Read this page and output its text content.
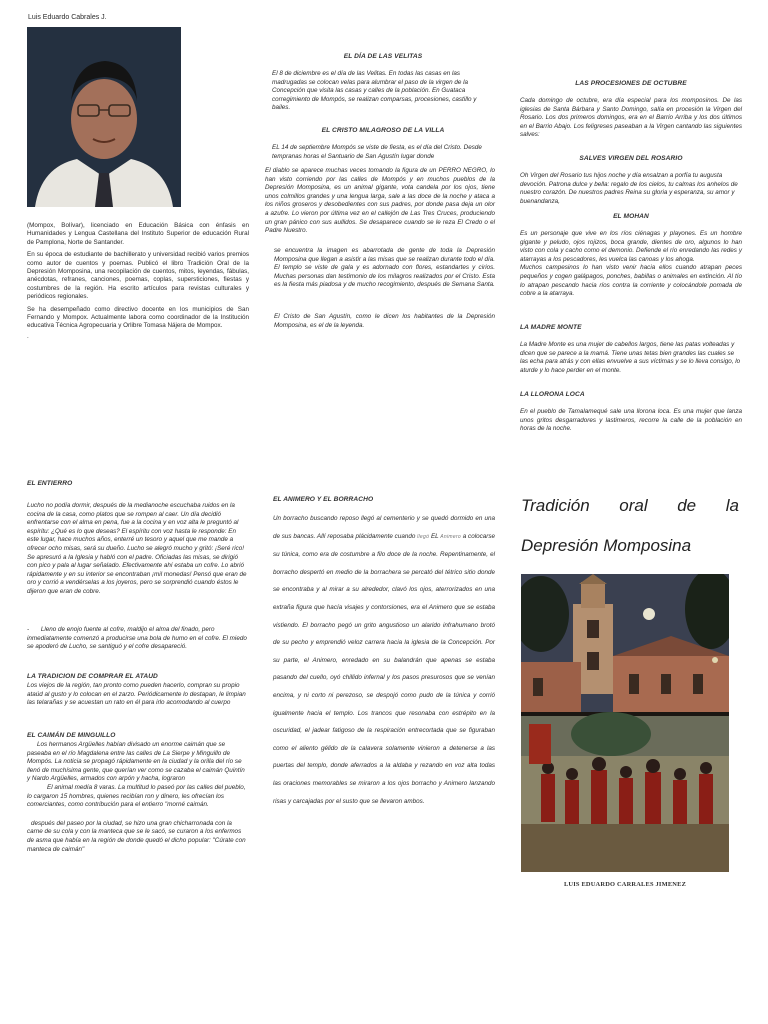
Luis Eduardo Cabrales J.

(Mompox, Bolívar), licenciado en Educación Básica con énfasis en Humanidades y Lengua Castellana del Instituto Superior de educación Rural de Pamplona, Norte de Santander.

En su época de estudiante de bachillerato y universidad recibió varios premios como autor de cuentos y poemas. Publicó el libro Tradición Oral de la Depresión Momposina, una recopilación de cuentos, mitos, leyendas, fábulas, anécdotas, refranes, canciones, poemas, coplas, supersticiones, fiestas y costumbres de la región. Ha escrito artículos para revistas culturales y periódicos regionales.

Se ha desempeñado como directivo docente en los municipios de San Fernando y Mompox. Actualmente labora como coordinador de la Institución educativa Técnica Agropecuaria y Orlibre Tomasa Nájera de Mompox.

.

EL DÍA DE LAS VELITAS
El 8 de diciembre es el día de las Velitas. En todas las casas en las madrugadas se colocan velas para alumbrar el paso de la virgen de la Concepción que visita las casas y calles de la población. En Guataca corregimiento de Mompós, se realizan comparsas, procesiones, castillo y bailes.
EL CRISTO MILAGROSO DE LA VILLA
EL 14 de septiembre Mompós se viste de fiesta, es el día del Cristo. Desde tempranas horas el Santuario de San Agustín lugar donde
El diablo se aparece muchas veces tomando la figura de un PERRO NEGRO, lo han visto corriendo por las calles de Mompós y en muchos pueblos de la Depresión Momposina, es un animal gigante, vota candela por los ojos, tiene unos colmillos grandes y una lengua larga, sale a las doce de la noche y ataca a los niños groseros y desobedientes con sus padres, por donde pasa deja un olor a azufre. Lo vieron por última vez en el callejón de Las Tres Cruces, produciendo un gran pánico con sus aullidos. Se desaparece cuando se le reza El Credo o el Padre Nuestro.
se encuentra la imagen es abarrotada de gente de toda la Depresión Momposina que llegan a asistir a las misas que se realizan durante todo el día. El templo se viste de gala y es adornado con flores, estandartes y cirios. Muchas personas dan testimonio de los milagros realizados por el Cristo. Esta es la fiesta más piadosa y de mucho recogimiento, después de Semana Santa.
El Cristo de San Agustín, como le dicen los habitantes de la Depresión Momposina, es el de la leyenda.
LAS PROCESIONES DE OCTUBRE
Cada domingo de octubre, era día especial para los momposinos. De las iglesias de Santa Bárbara y Santo Domingo, salía en procesión la Virgen del Rosario. Los dos primeros domingos, era en el Barrio Arriba y los dos últimos en el Barrio Abajo. Los feligreses paseaban a la Virgen cantando las siguientes salves:
SALVES VIRGEN DEL ROSARIO
Oh Virgen del Rosario tus hijos noche y día ensalzan a porfía tu augusta devoción. Patrona dulce y bella: regalo de los cielos, tu calmas los anhelos de nuestro corazón. De nuestros padres Reina su gloria y esperanza, su amor y buenandanza,
EL MOHAN

Es un personaje que vive en los ríos ciénagas y playones. Es un hombre gigante y peludo, ojos rojizos, boca grande, dientes de oro, algunos lo han visto con cola y cacho como el demonio. Defiende el río enredando las redes y atarrayas a los pescadores, les vuelca las canoas y los ahoga.

Muchos campesinos lo han visto venir hacia ellos cuando atrapan peces pequeños y cogen galápagos, ponches, babillas o animales en extinción. Al tío lo atrapan pescando hacia ríos contra la corriente y colocándole pomada de cobre a la atarraya.

LA MADRE MONTE
La Madre Monte es una mujer de cabellos largos, tiene las patas volteadas y dicen que se parece a la mamá. Tiene unas tetas bien grandes las cuales se las echa para atrás y con ellas envuelve a sus víctimas y se lo lleva consigo, lo aturde y lo hace perder en el monte.
LA LLORONA LOCA
En el pueblo de Tamalamequé sale una llorona loca. Es una mujer que lanza unos gritos desgarradores y lastimeros, recorre la calle de la población en horas de la noche.
EL ENTIERRO
Lucho no podía dormir, después de la medianoche escuchaba ruidos en la cocina de la casa, como platos que se rompen al caer. Un día decidió enfrentarse con el alma en pena, fue a la cocina y en voz alta le preguntó al espíritu: ¿Qué es lo que deseas? El espíritu con voz hasta le responde: En este lugar, hace muchos años, enterré un tesoro y aquel que me mande a ofrecer ocho misas, será su dueño. Lucho se alegró mucho y gritó: ¡Seré rico! Se apresuró a la Iglesia y habló con el padre. Oficiadas las misas, se dirigió con pico y pala al lugar señalado. Efectivamente ahí estaba un cofre. Lo abrió rápidamente y en su interior se encontraban ¡mil monedas! Pensó que eran de oro y corrió a vendérselas a los joyeros, pero se sorprendió cuando éstos le dijeron que eran de cobre.
- Lleno de enojo fuente al cofre, maldijo el alma del finado, pero inmediatamente comenzó a producirse una bola de humo en el cofre. El miedo se apoderó de Lucho, se santiguó y el cofre desapareció.
LA TRADICION DE COMPRAR EL ATAUD
Los viejos de la región, tan pronto como pueden hacerlo, compran su propio ataúd al gusto y lo colocan en el zarzo. Periódicamente lo destapan, le limpian las telarañas y se acuestan un rato en él para irlo acomodando al cuerpo
EL CAIMÁN DE MINGUILLO

Los hermanos Argüelles habían divisado un enorme caimán que se paseaba en el río Magdalena entre las calles de La Sierpe y Minguillo de Mompós. La noticia se propagó rápidamente en la ciudad y la orilla del río se llenó de muchísima gente, que querían ver como se cazaba el caimán Quintín y Nardo Argüelles, armados con arpón y hacha, lograron

El animal medía 8 varas. La multitud lo paseó por las calles del pueblo, lo cargaron 15 hombres, quienes recibían ron y dinero, les ofrecían los comerciantes, como contribución para el entierro "morné caimán.

después del paseo por la ciudad, se hizo una gran chicharronada con la carne de su cola y con la manteca que se le sacó, se curaron a los enfermos de asma que había en la región de donde quedó el dicho popular: "Cúrate con manteca de caimán"

EL ANIMERO Y EL BORRACHO
Un borracho buscando reposo llegó al cementerio y se quedó dormido en una de sus bancas. Allí reposaba plácidamente cuando llegó EL Animero a colocarse su túnica, como era de costumbre a filo doce de la noche. Repentinamente, el borracho despertó en medio de la borrachera se percató del tétrico sitio donde se encontraba y al mirar a su alrededor, clavó los ojos, aterrorizados en una extraña figura que hacía visajes y contorsiones, era el Animero que se estaba vistiendo. El borracho pegó un grito angustioso un alarido infrahumano brotó de su pecho y emprendió veloz carrera hacia la iglesia de la Concepción. Por su parte, el Animero, enredado en su balandrán que apenas se estaba pasando del cuello, oyó chillido infernal y los pasos presurosos que se venían encima, y ni corto ni perezoso, se despojó como pudo de la túnica y corrió igualmente hacia el templo. Los trancos que resonaba con estrépito en la oscuridad, el jadear fatigoso de la respiración entrecortada que se figuraban como el aliento gélido de la calavera solamente vinieron a detenerse a las puertas del templo, donde aferrados a la aldaba y rezando en voz alta todas las oraciones memorables se miraron a los ojos borracho y Animero lanzando risas y carcajadas por el susto que se llevaron ambos.
Tradición oral de la
Depresión Momposina
LUIS EDUARDO CARRALES JIMENEZ
